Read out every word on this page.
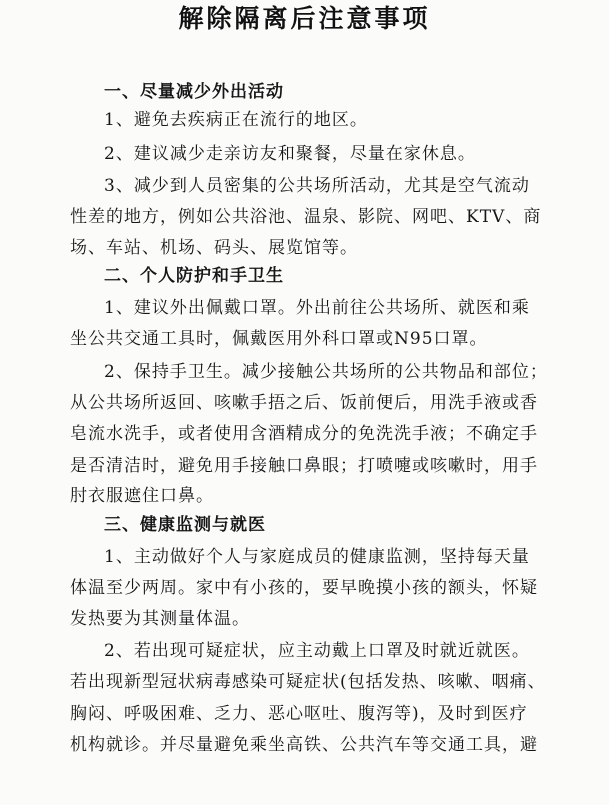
解除隔离后注意事项
一、尽量减少外出活动
1、避免去疾病正在流行的地区。
2、建议减少走亲访友和聚餐，尽量在家休息。
3、减少到人员密集的公共场所活动，尤其是空气流动
性差的地方，例如公共浴池、温泉、影院、网吧、KTV、商
场、车站、机场、码头、展览馆等。
二、个人防护和手卫生
1、建议外出佩戴口罩。外出前往公共场所、就医和乘
坐公共交通工具时，佩戴医用外科口罩或N95口罩。
2、保持手卫生。减少接触公共场所的公共物品和部位；
从公共场所返回、咳嗽手捂之后、饭前便后，用洗手液或香
皂流水洗手，或者使用含酒精成分的免洗洗手液；不确定手
是否清洁时，避免用手接触口鼻眼；打喷嚏或咳嗽时，用手
肘衣服遮住口鼻。
三、健康监测与就医
1、主动做好个人与家庭成员的健康监测，坚持每天量
体温至少两周。家中有小孩的，要早晚摸小孩的额头，怀疑
发热要为其测量体温。
2、若出现可疑症状，应主动戴上口罩及时就近就医。
若出现新型冠状病毒感染可疑症状(包括发热、咳嗽、咽痛、
胸闷、呼吸困难、乏力、恶心呕吐、腹泻等)，及时到医疗
机构就诊。并尽量避免乘坐高铁、公共汽车等交通工具，避
